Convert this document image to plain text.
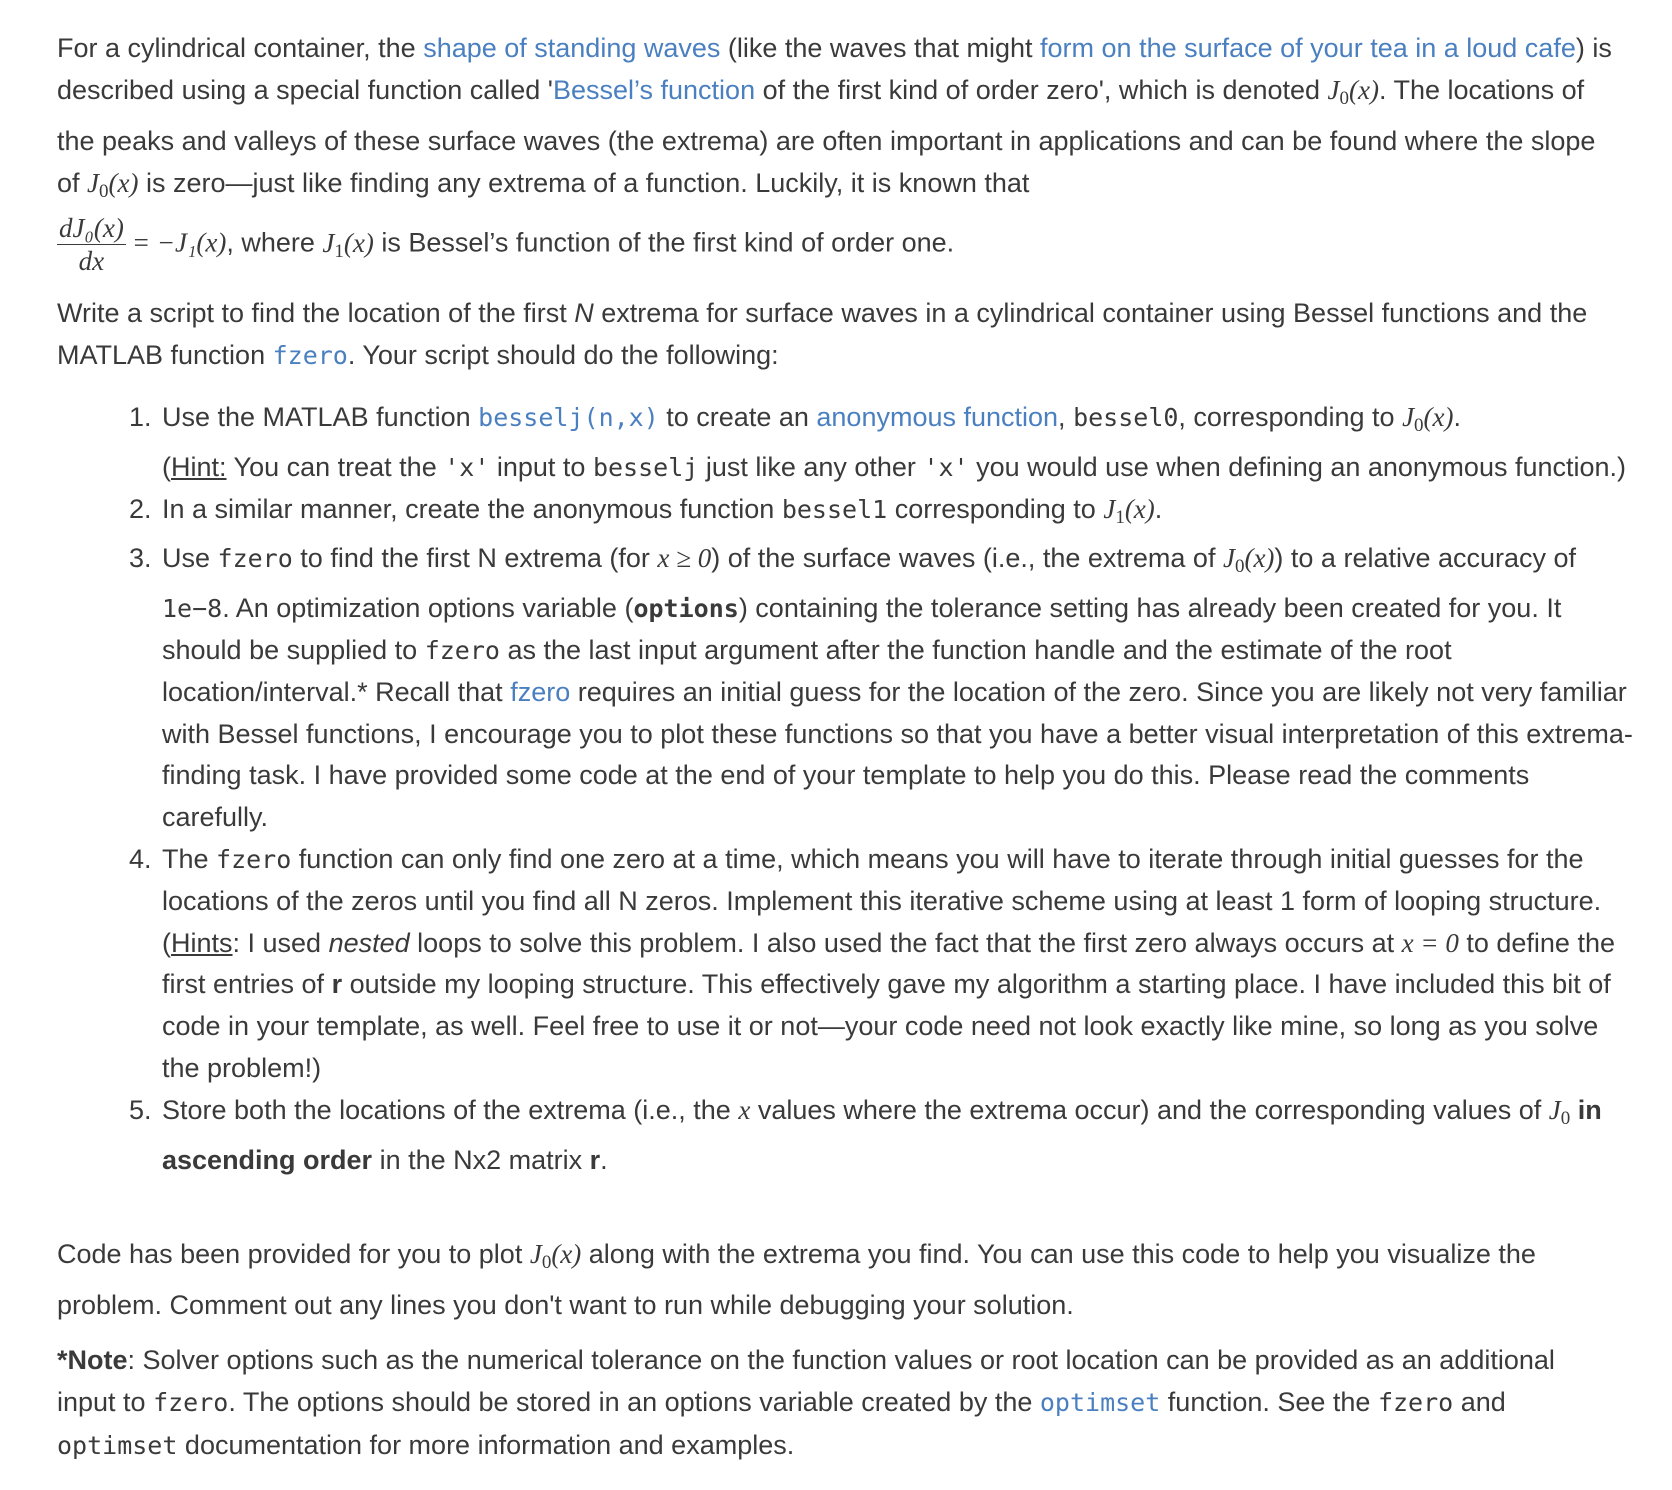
For a cylindrical container, the shape of standing waves (like the waves that might form on the surface of your tea in a loud cafe) is described using a special function called 'Bessel’s function of the first kind of order zero', which is denoted $J_0(x)$. The locations of the peaks and valleys of these surface waves (the extrema) are often important in applications and can be found where the slope of $J_0(x)$ is zero—just like finding any extrema of a function. Luckily, it is known that

$\frac{\text{dJ₀(x)}}{dx} = -J_1(x)$, where $J_1(x)$ is Bessel’s function of the first kind of order one.

Write a script to find the location of the first N extrema for surface waves in a cylindrical container using Bessel functions and the MATLAB function fzero. Your script should do the following:

1. Use the MATLAB function besselj(n,x) to create an anonymous function, bessel0, corresponding to $J_0(x)$.
(Hint: You can treat the 'x' input to besselj just like any other 'x' you would use when defining an anonymous function.)
2. In a similar manner, create the anonymous function bessel1 corresponding to $J_1(x)$.
3. Use fzero to find the first N extrema (for x ≥ 0) of the surface waves (i.e., the extrema of $J_0(x)$) to a relative accuracy of 1e−8. An optimization options variable (options) containing the tolerance setting has already been created for you. It should be supplied to fzero as the last input argument after the function handle and the estimate of the root location/interval.* Recall that fzero requires an initial guess for the location of the zero. Since you are likely not very familiar with Bessel functions, I encourage you to plot these functions so that you have a better visual interpretation of this extrema-finding task. I have provided some code at the end of your template to help you do this. Please read the comments carefully.
4. The fzero function can only find one zero at a time, which means you will have to iterate through initial guesses for the locations of the zeros until you find all N zeros. Implement this iterative scheme using at least 1 form of looping structure. (Hints: I used nested loops to solve this problem. I also used the fact that the first zero always occurs at x = 0 to define the first entries of r outside my looping structure. This effectively gave my algorithm a starting place. I have included this bit of code in your template, as well. Feel free to use it or not—your code need not look exactly like mine, so long as you solve the problem!)
5. Store both the locations of the extrema (i.e., the x values where the extrema occur) and the corresponding values of $J_0$ in ascending order in the Nx2 matrix r.

Code has been provided for you to plot $J_0(x)$ along with the extrema you find. You can use this code to help you visualize the problem. Comment out any lines you don't want to run while debugging your solution.

*Note: Solver options such as the numerical tolerance on the function values or root location can be provided as an additional input to fzero. The options should be stored in an options variable created by the optimset function. See the fzero and optimset documentation for more information and examples.
